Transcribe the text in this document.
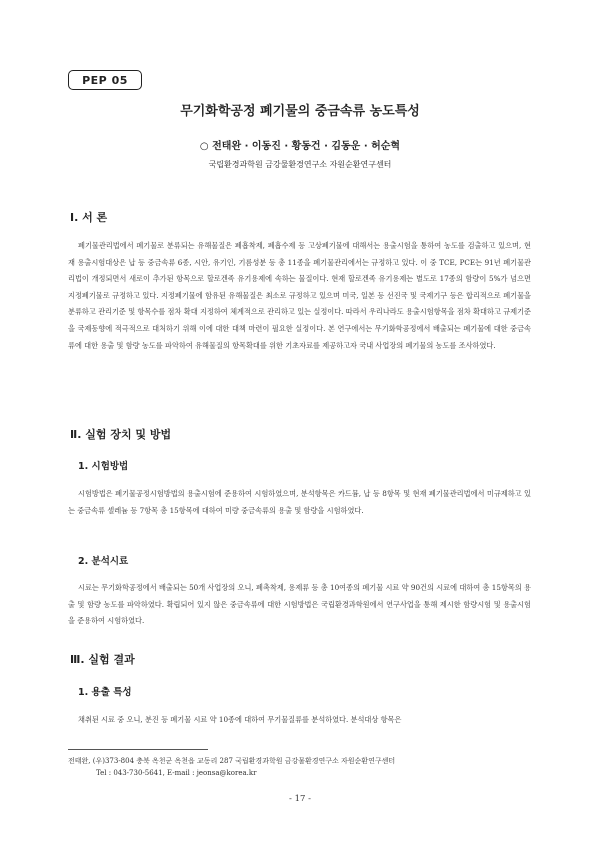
PEP 05
무기화학공정 폐기물의 중금속류 농도특성
○ 전태완 · 이동진 · 황동건 · 김동운 · 허순혁
국립환경과학원 금강물환경연구소 자원순환연구센터
Ⅰ. 서 론

폐기물관리법에서 폐기물로 분류되는 유해물질은 폐흡착제, 폐흡수제 등 고상폐기물에 대해서는 용출시험을 통하여 농도를 검출하고 있으며, 현재 용출시험대상은 납 등 중금속류 6종, 시안, 유기인, 기름성분 등 총 11종을 폐기물관리에서는 규정하고 있다. 이 중 TCE, PCE는 91년 폐기물관리법이 개정되면서 새로이 추가된 항목으로 할로겐족 유기용제에 속하는 물질이다. 현재 할로겐족 유기용제는 별도로 17종의 함량이 5%가 넘으면 지정폐기물로 규정하고 있다. 지정폐기물에 함유된 유해물질은 최소로 규정하고 있으며 미국, 일본 등 선진국 및 국제기구 등은 합리적으로 폐기물을 분류하고 관리기준 및 항목수를 점차 확대 지정하여 체계적으로 관리하고 있는 실정이다. 따라서 우리나라도 용출시험항목을 점차 확대하고 규제기준을 국제동향에 적극적으로 대처하기 위해 이에 대한 대책 마련이 필요한 실정이다. 본 연구에서는 무기화학공정에서 배출되는 폐기물에 대한 중금속류에 대한 용출 및 함량 농도를 파악하여 유해물질의 항목확대를 위한 기초자료를 제공하고자 국내 사업장의 폐기물의 농도를 조사하였다.

Ⅱ. 실험 장치 및 방법
1. 시험방법

시험방법은 폐기물공정시험방법의 용출시험에 준용하여 시험하였으며, 분석항목은 카드뮴, 납 등 8항목 및 현재 폐기물관리법에서 미규제하고 있는 중금속류 셀레늄 등 7항목 총 15항목에 대하여 미량 중금속류의 용출 및 함량을 시험하였다.

2. 분석시료

시료는 무기화학공정에서 배출되는 50개 사업장의 오니, 폐촉착제, 용제류 등 총 10여종의 폐기물 시료 약 90건의 시료에 대하여 총 15항목의 용출 및 함량 농도를 파악하였다. 확립되어 있지 않은 중금속류에 대한 시험방법은 국립환경과학원에서 연구사업을 통해 제시한 함량시험 및 용출시험을 준용하여 시험하였다.

Ⅲ. 실험 결과
1. 용출 특성

채취된 시료 중 오니, 분진 등 폐기물 시료 약 10종에 대하여 무기물질류를 분석하였다. 분석대상 항목은

전태완, (우)373-804 충북 옥천군 옥천읍 교동리 287 국립환경과학원 금강물환경연구소 자원순환연구센터
Tel : 043-730-5641, E-mail : jeonsa@korea.kr
- 17 -
